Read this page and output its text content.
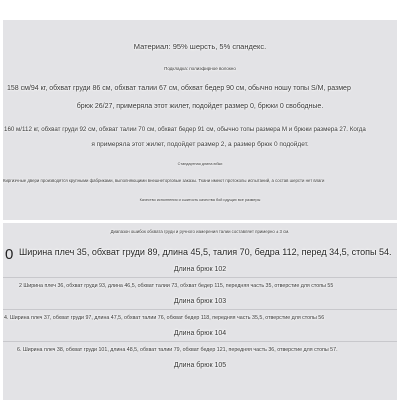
Материал: 95% шерсть, 5% спандекс.
Подкладка: полиэфирное волокно
158 см/94 кг, обхват груди 86 см, обхват талии 67 см, обхват бедер 90 см, обычно ношу топы S/M, размер
брюк 26/27, примеряла этот жилет, подойдет размер 0, брюки 0 свободные.
160 м/112 кг, обхват груди 92 см, обхват талии 70 см, обхват бедер 91 см, обычно топы размера M и брюки размера 27. Когда
я примеряла этот жилет, подойдет размер 2, а размер брюк 0 подойдет.
Стандартная длина юбки
Киргизчные двери производятся крупными фабриками, выполняющими внешнеторговые заказы. Ткани имеют протоколы испытаний, а состав шерсти нет влаги
Качество исполнения и сшитость качества бой идущих все размеры
Диапазон ошибок обхвата груди и ручного измерения талии составляет примерно ± 3 см.
0 Ширина плеч 35, обхват груди 89, длина 45,5, талия 70, бедра 112, перед 34,5, стопы 54.
Длина брюк 102
2 Ширина плеч 36, обхват груди 93, длина 46,5, обхват талии 73, обхват бедер 115, передняя часть 35, отверстие для стопы 55
Длина брюк 103
4. Ширина плеч 37, обхват груди 97, длина 47,5, обхват талии 76, обхват бедер 118, передняя часть 35,5, отверстие для стопы 56
Длина брюк 104
6. Ширина плеч 38, обхват груди 101, длина 48,5, обхват талии 79, обхват бедер 121, передняя часть 36, отверстие для стопы 57.
Длина брюк 105
